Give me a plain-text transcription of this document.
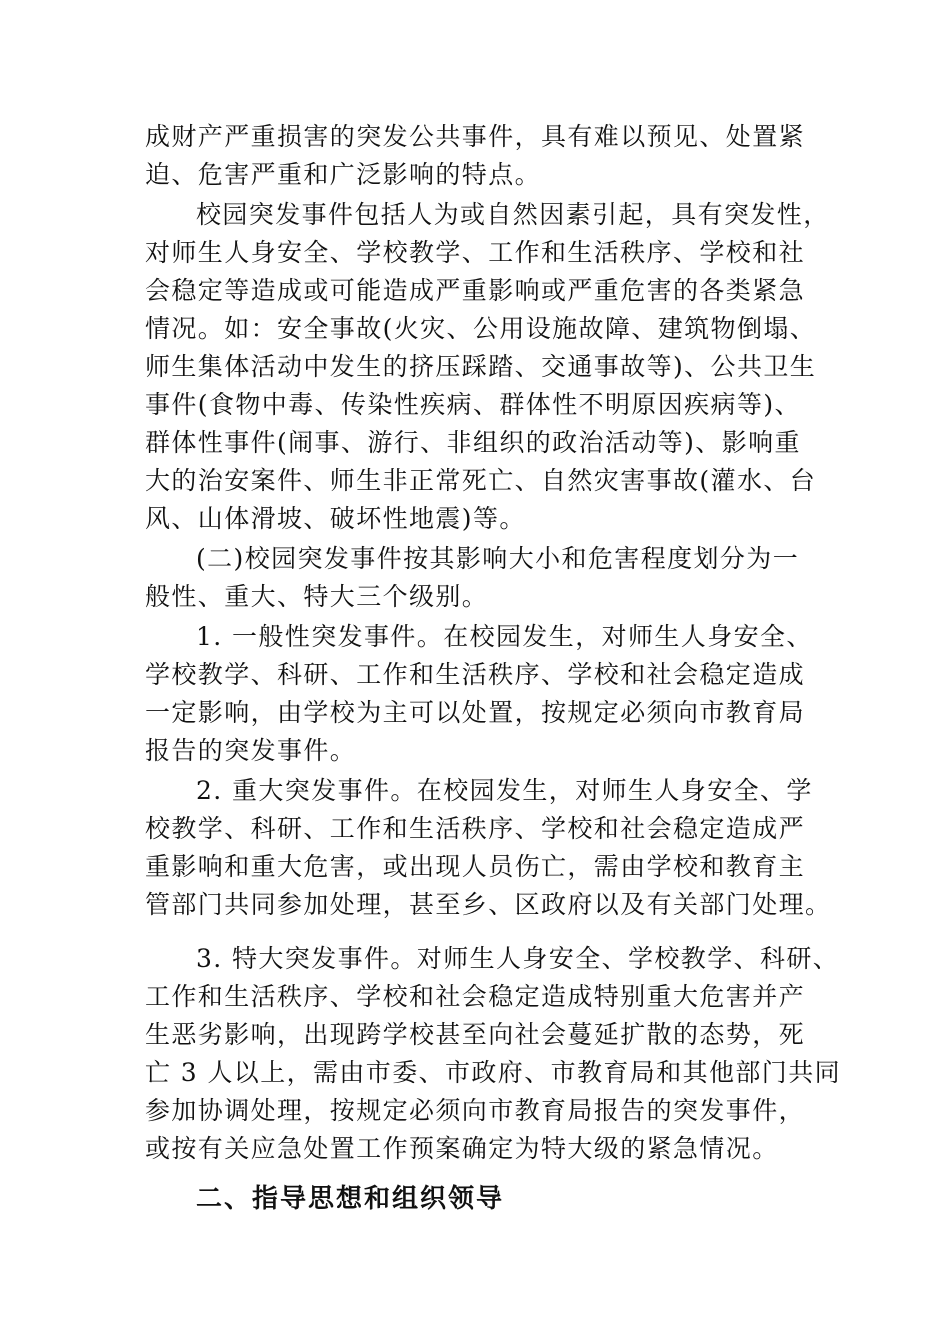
成财产严重损害的突发公共事件，具有难以预见、处置紧

迫、危害严重和广泛影响的特点。

校园突发事件包括人为或自然因素引起，具有突发性，

对师生人身安全、学校教学、工作和生活秩序、学校和社

会稳定等造成或可能造成严重影响或严重危害的各类紧急

情况。如：安全事故(火灾、公用设施故障、建筑物倒塌、

师生集体活动中发生的挤压踩踏、交通事故等)、公共卫生

事件(食物中毒、传染性疾病、群体性不明原因疾病等)、

群体性事件(闹事、游行、非组织的政治活动等)、影响重

大的治安案件、师生非正常死亡、自然灾害事故(灌水、台

风、山体滑坡、破坏性地震)等。

(二)校园突发事件按其影响大小和危害程度划分为一

般性、重大、特大三个级别。

1. 一般性突发事件。在校园发生，对师生人身安全、

学校教学、科研、工作和生活秩序、学校和社会稳定造成

一定影响，由学校为主可以处置，按规定必须向市教育局

报告的突发事件。

2. 重大突发事件。在校园发生，对师生人身安全、学

校教学、科研、工作和生活秩序、学校和社会稳定造成严

重影响和重大危害，或出现人员伤亡，需由学校和教育主

管部门共同参加处理，甚至乡、区政府以及有关部门处理。

3. 特大突发事件。对师生人身安全、学校教学、科研、

工作和生活秩序、学校和社会稳定造成特别重大危害并产

生恶劣影响，出现跨学校甚至向社会蔓延扩散的态势，死

亡 3 人以上，需由市委、市政府、市教育局和其他部门共同

参加协调处理，按规定必须向市教育局报告的突发事件，

或按有关应急处置工作预案确定为特大级的紧急情况。

二、指导思想和组织领导
